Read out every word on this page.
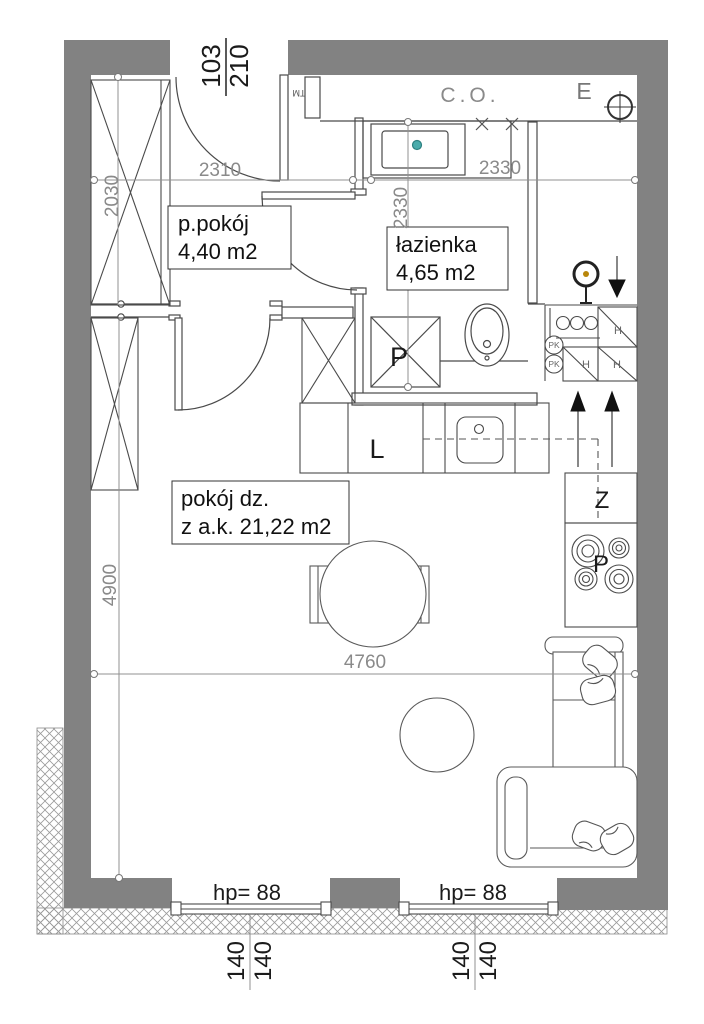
p.pokój
4,40 m2	łazienka
4,65 m2
pokój dz.
z a.k. 21,22 m2
C.O.	E
TM
103
210
2310	2330
2030	2330
4900
4760
P
L
Z
P
PK
PK
H
H H
hp= 88	hp= 88
140 140	140 140
